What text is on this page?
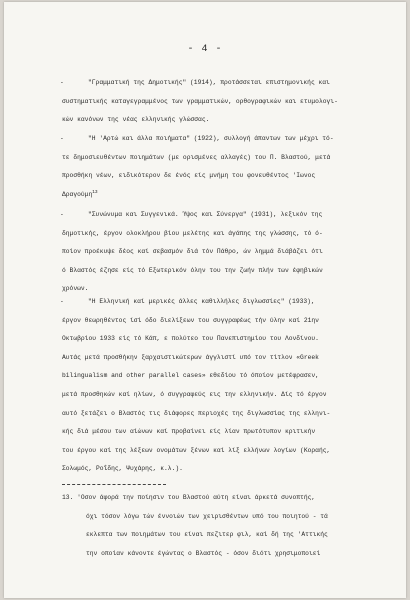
- 4 -
-	"Γραμματική της Δημοτικής" (1914), προτάσσεται επιστημονικής και
συστηματικής καταγεγραμμένος των γραμματικών, ορθογραφικών και ετυμολογι-
κών κανόνων της νέας ελληνικής γλώσσας.
-	"Η 'Αρτώ και άλλα ποιήματα" (1922), συλλογή άπαντων των μέχρι τό-
τε δημοσιευθέντων ποιημάτων (με ορισμένες αλλαγές) του Π. Βλαστού, μετά
προσθήκη νέων, ειδικότερον δε ένός είς μνήμη του φονευθέντος 'Ιωνος
Δραγούμη$^{13}$
-	"Συνώνυμα και Συγγενικά. Ύψος και Σύνεργα" (1931), λεξικόν της
δημοτικής, έργον ολοκλήρου βίου μελέτης και άγάπης της γλώσσης, τό ό-
ποίον προέκυψε δέος καί σεβασμόν διά τόν Πάθρο, ών λημμά διάβάζει ότι
ό Βλαστός έζησε είς τό Εξωτερικόν όλην του την ζωήν πλήν των έφηβικών
χρόνων.
-	"Η Ελληνική καί μερικές άλλες καθιλλήλες διγλωσσίες" (1933),
έργον θεωρηθέντος ίσί όδο διελίξεων του συγγραφέως τήν ύλην καί 21ην
Οκτωβρίου 1933 είς τό Κάπ, ε πολύτεο του Πανεπιστημίου του Λονδίνου.
Αυτάς μετά προσθήκην ξαρχαιστικώτερων άγγλιστί υπό τον τίτλον «Greek
bilingualism and other parallel cases» εθεδίου τό όποίον μετέφρασεν,
μετά προσθηκών καί ηλίων, ό συγγραφεύς εις την ελληνικήν. Δίς τό έργον
αυτό ξετάζει ο Βλαστός τις διάφορες περιοχές της διγλωσσίας της ελληνι-
κής διά μέσου των αίώνων καί προβαίνει είς λίαν πρωτότυπον κριτικήν
του έργου καί της λέξεων ονομάτων ξένων καί λίξ ελλήνων λογίων (Κοραής,
Σολωμός, Ροΐδης, Ψυχάρης, κ.λ.).
13. 'Οσον άφορά την ποίησιν του Βλαστού αύτη είναι άρκετά συνοπτής,
όχι τόσον λόγω τών έννοιών των χειρισθέντων υπό του ποιητού - τά
εκλεπτα των ποιημάτων του είναι πεζιτερ φιλ, καί δή της 'Αττικής
την οποίαν κάνοντε έγώντας ο Βλαστός - όσον διότι χρησιμοποιεί
